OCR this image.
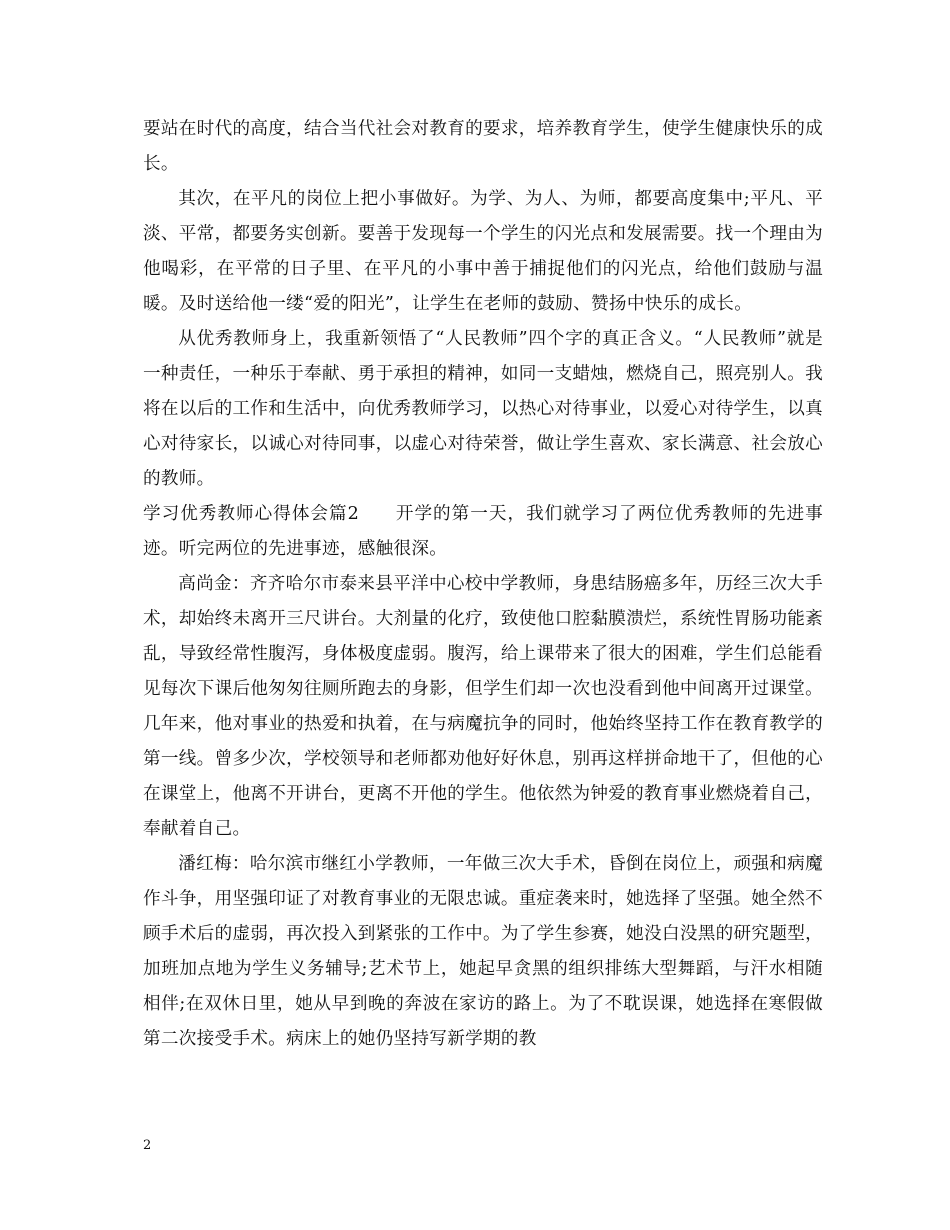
要站在时代的高度，结合当代社会对教育的要求，培养教育学生，使学生健康快乐的成长。

其次，在平凡的岗位上把小事做好。为学、为人、为师，都要高度集中;平凡、平淡、平常，都要务实创新。要善于发现每一个学生的闪光点和发展需要。找一个理由为他喝彩，在平常的日子里、在平凡的小事中善于捕捉他们的闪光点，给他们鼓励与温暖。及时送给他一缕“爱的阳光”，让学生在老师的鼓励、赞扬中快乐的成长。

从优秀教师身上，我重新领悟了“人民教师”四个字的真正含义。“人民教师”就是一种责任，一种乐于奉献、勇于承担的精神，如同一支蜡烛，燃烧自己，照亮别人。我将在以后的工作和生活中，向优秀教师学习，以热心对待事业，以爱心对待学生，以真心对待家长，以诚心对待同事，以虚心对待荣誉，做让学生喜欢、家长满意、社会放心的教师。

学习优秀教师心得体会篇2 开学的第一天，我们就学习了两位优秀教师的先进事迹。听完两位的先进事迹，感触很深。

高尚金：齐齐哈尔市泰来县平洋中心校中学教师，身患结肠癌多年，历经三次大手术，却始终未离开三尺讲台。大剂量的化疗，致使他口腔黏膜溃烂，系统性胃肠功能紊乱，导致经常性腹泻，身体极度虚弱。腹泻，给上课带来了很大的困难，学生们总能看见每次下课后他匆匆往厕所跑去的身影，但学生们却一次也没看到他中间离开过课堂。几年来，他对事业的热爱和执着，在与病魔抗争的同时，他始终坚持工作在教育教学的第一线。曾多少次，学校领导和老师都劝他好好休息，别再这样拼命地干了，但他的心在课堂上，他离不开讲台，更离不开他的学生。他依然为钟爱的教育事业燃烧着自己，奉献着自己。

潘红梅：哈尔滨市继红小学教师，一年做三次大手术，昏倒在岗位上，顽强和病魔作斗争，用坚强印证了对教育事业的无限忠诚。重症袭来时，她选择了坚强。她全然不顾手术后的虚弱，再次投入到紧张的工作中。为了学生参赛，她没白没黑的研究题型，加班加点地为学生义务辅导;艺术节上，她起早贪黑的组织排练大型舞蹈，与汗水相随相伴;在双休日里，她从早到晚的奔波在家访的路上。为了不耽误课，她选择在寒假做第二次接受手术。病床上的她仍坚持写新学期的教

2
